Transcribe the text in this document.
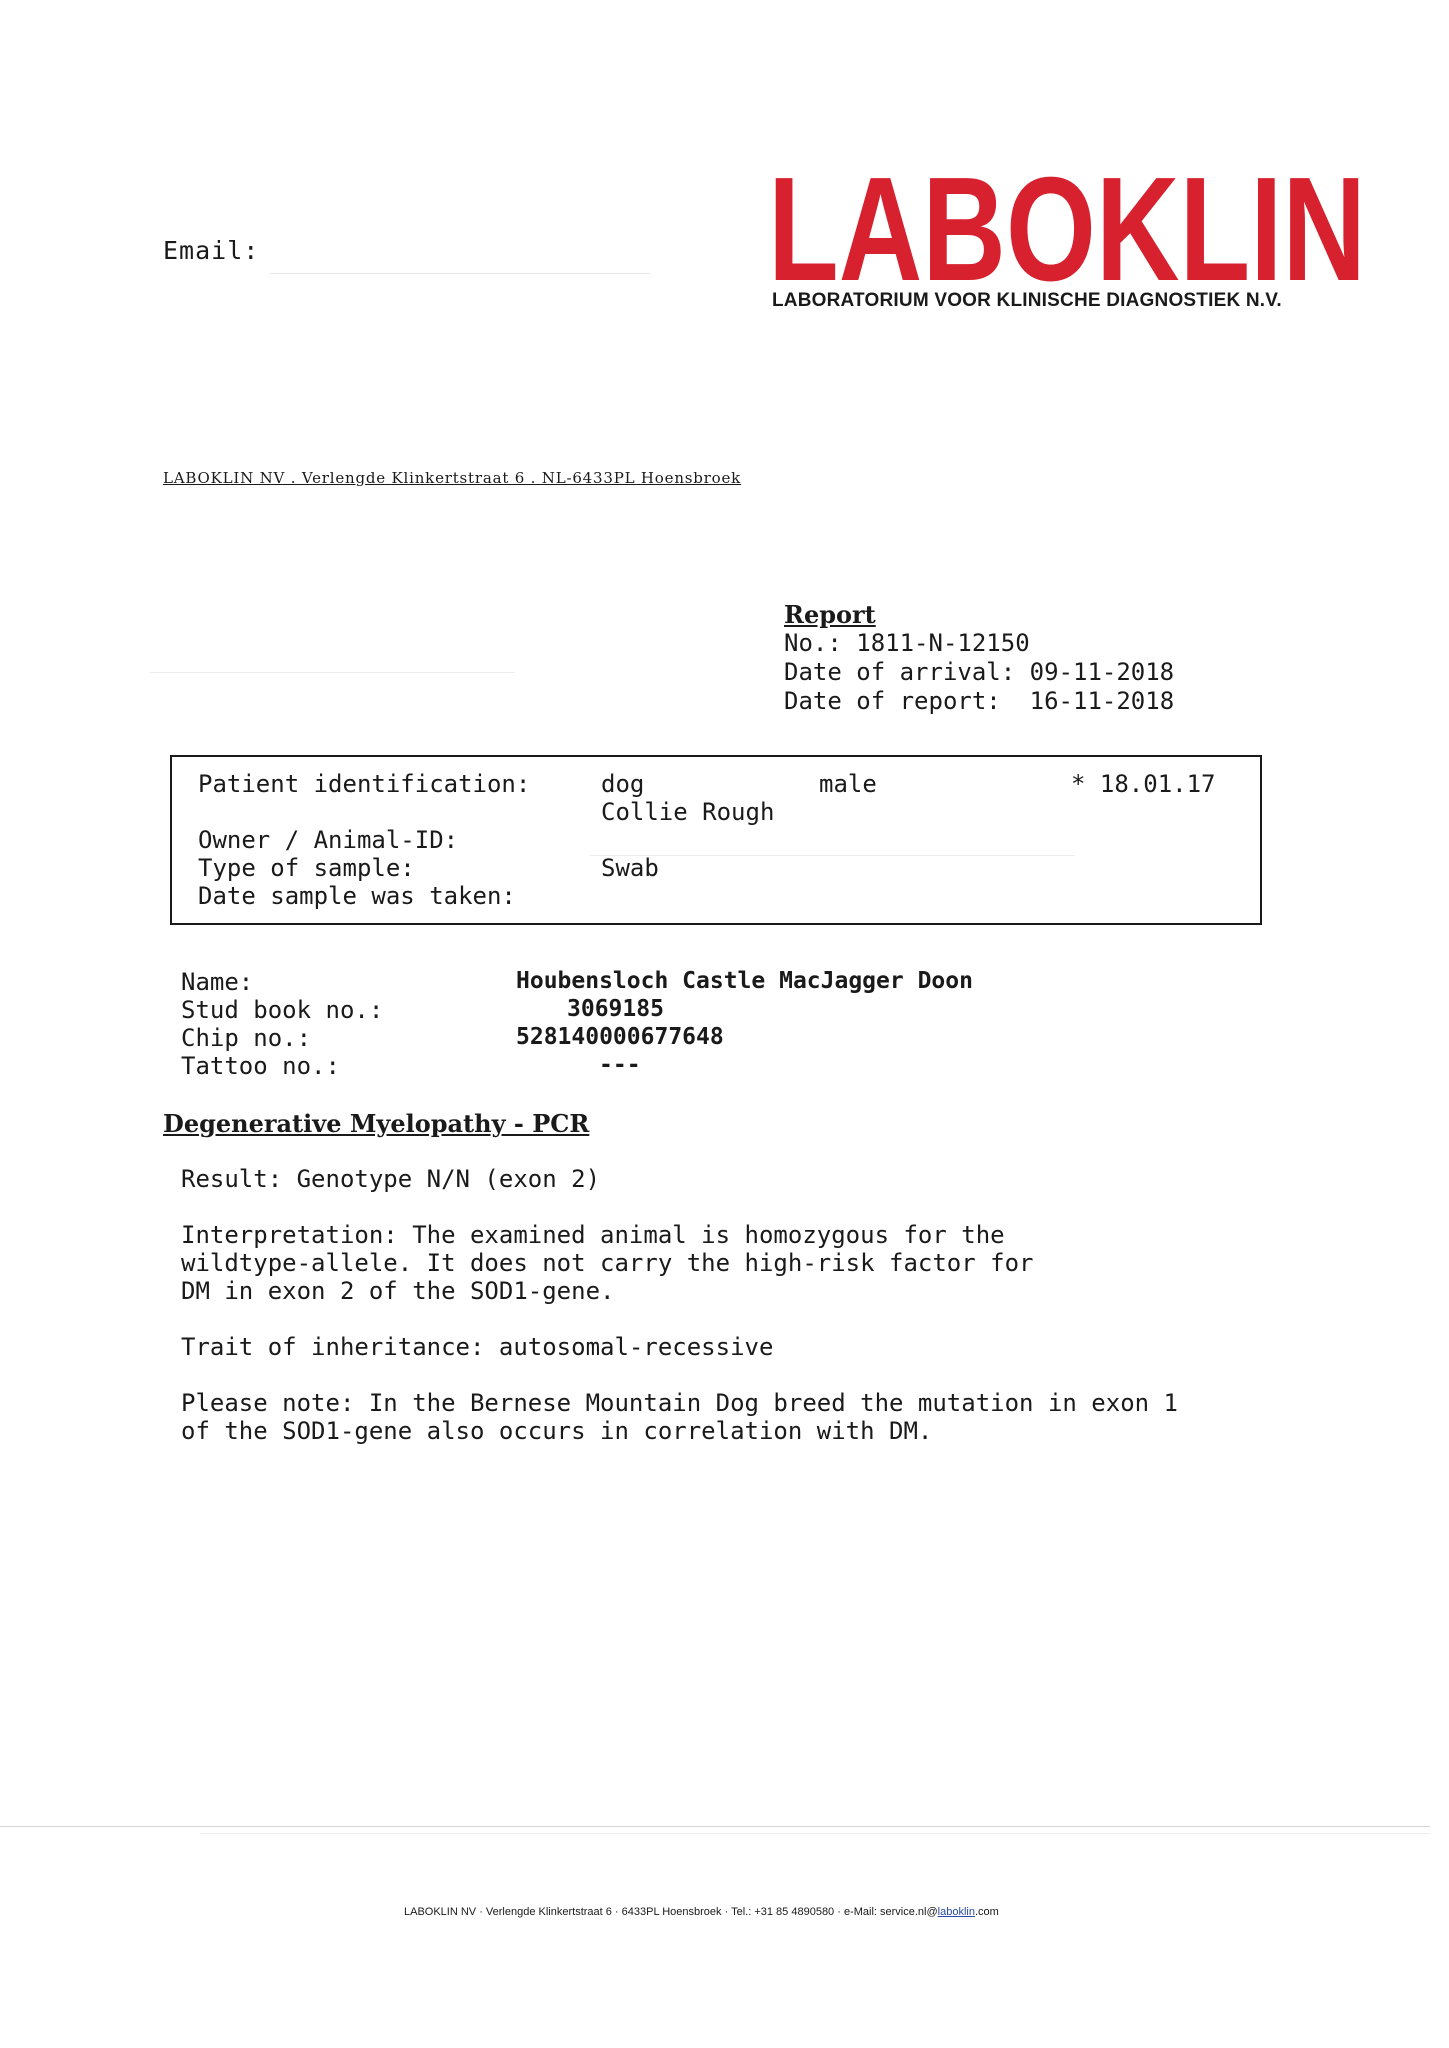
Email:	LABOKLIN
LABORATORIUM VOOR KLINISCHE DIAGNOSTIEK N.V.
LABOKLIN NV . Verlengde Klinkertstraat 6 . NL-6433PL Hoensbroek
Report
No.: 1811-N-12150
Date of arrival: 09-11-2018
Date of report: 16-11-2018
Patient identification:	dog	male	* 18.01.17
Collie Rough
Owner / Animal-ID:
Type of sample:	Swab
Date sample was taken:
Name:	Houbensloch Castle MacJagger Doon
Stud book no.:	3069185
Chip no.:	528140000677648
Tattoo no.:	---
Degenerative Myelopathy - PCR
Result: Genotype N/N (exon 2)
Interpretation: The examined animal is homozygous for the
wildtype-allele. It does not carry the high-risk factor for
DM in exon 2 of the SOD1-gene.
Trait of inheritance: autosomal-recessive
Please note: In the Bernese Mountain Dog breed the mutation in exon 1
of the SOD1-gene also occurs in correlation with DM.
LABOKLIN NV · Verlengde Klinkertstraat 6 · 6433PL Hoensbroek · Tel.: +31 85 4890580 · e-Mail: service.nl@laboklin.com
